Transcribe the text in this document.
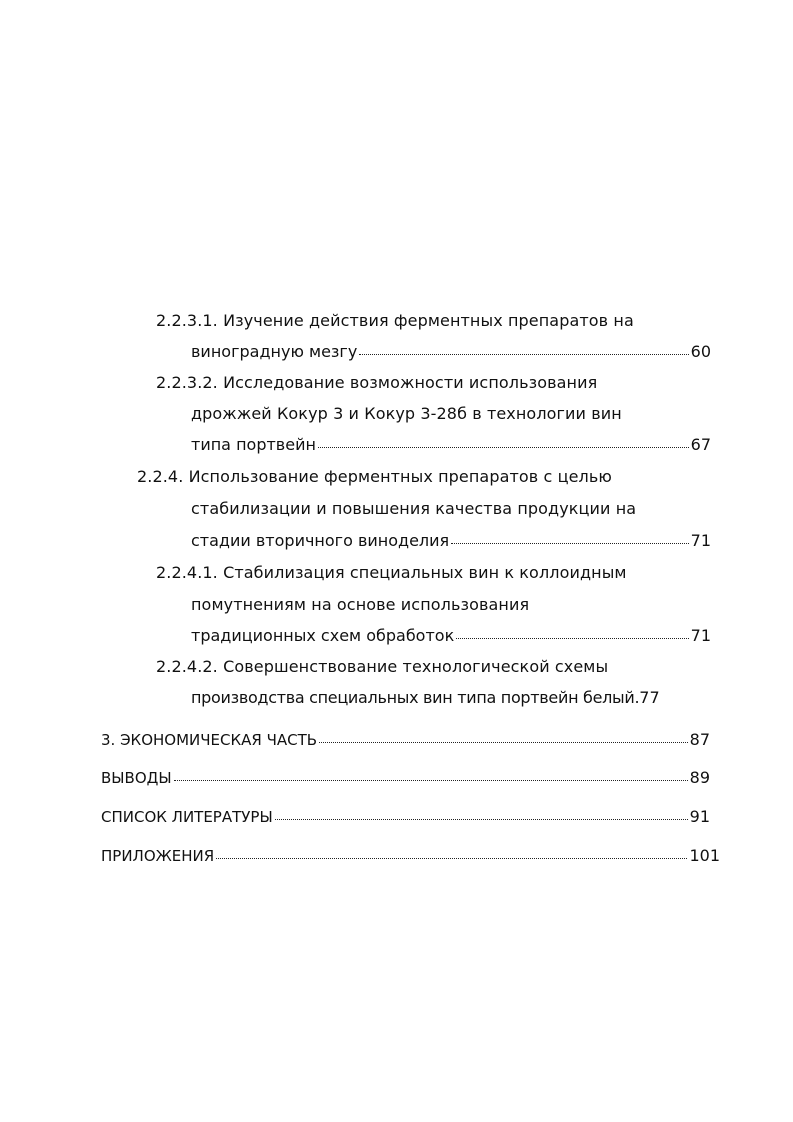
2.2.3.1. Изучение действия ферментных препаратов на
виноградную мезгу	60
2.2.3.2. Исследование возможности использования
дрожжей Кокур 3 и Кокур 3-28б в технологии вин
типа портвейн	67
2.2.4. Использование ферментных препаратов с целью
стабилизации и повышения качества продукции на
стадии вторичного виноделия	71
2.2.4.1. Стабилизация специальных вин к коллоидным
помутнениям на основе использования
традиционных схем обработок	71
2.2.4.2. Совершенствование технологической схемы
производства специальных вин типа портвейн белый. 77
3. ЭКОНОМИЧЕСКАЯ ЧАСТЬ	87
ВЫВОДЫ	89
СПИСОК ЛИТЕРАТУРЫ	91
ПРИЛОЖЕНИЯ	101
